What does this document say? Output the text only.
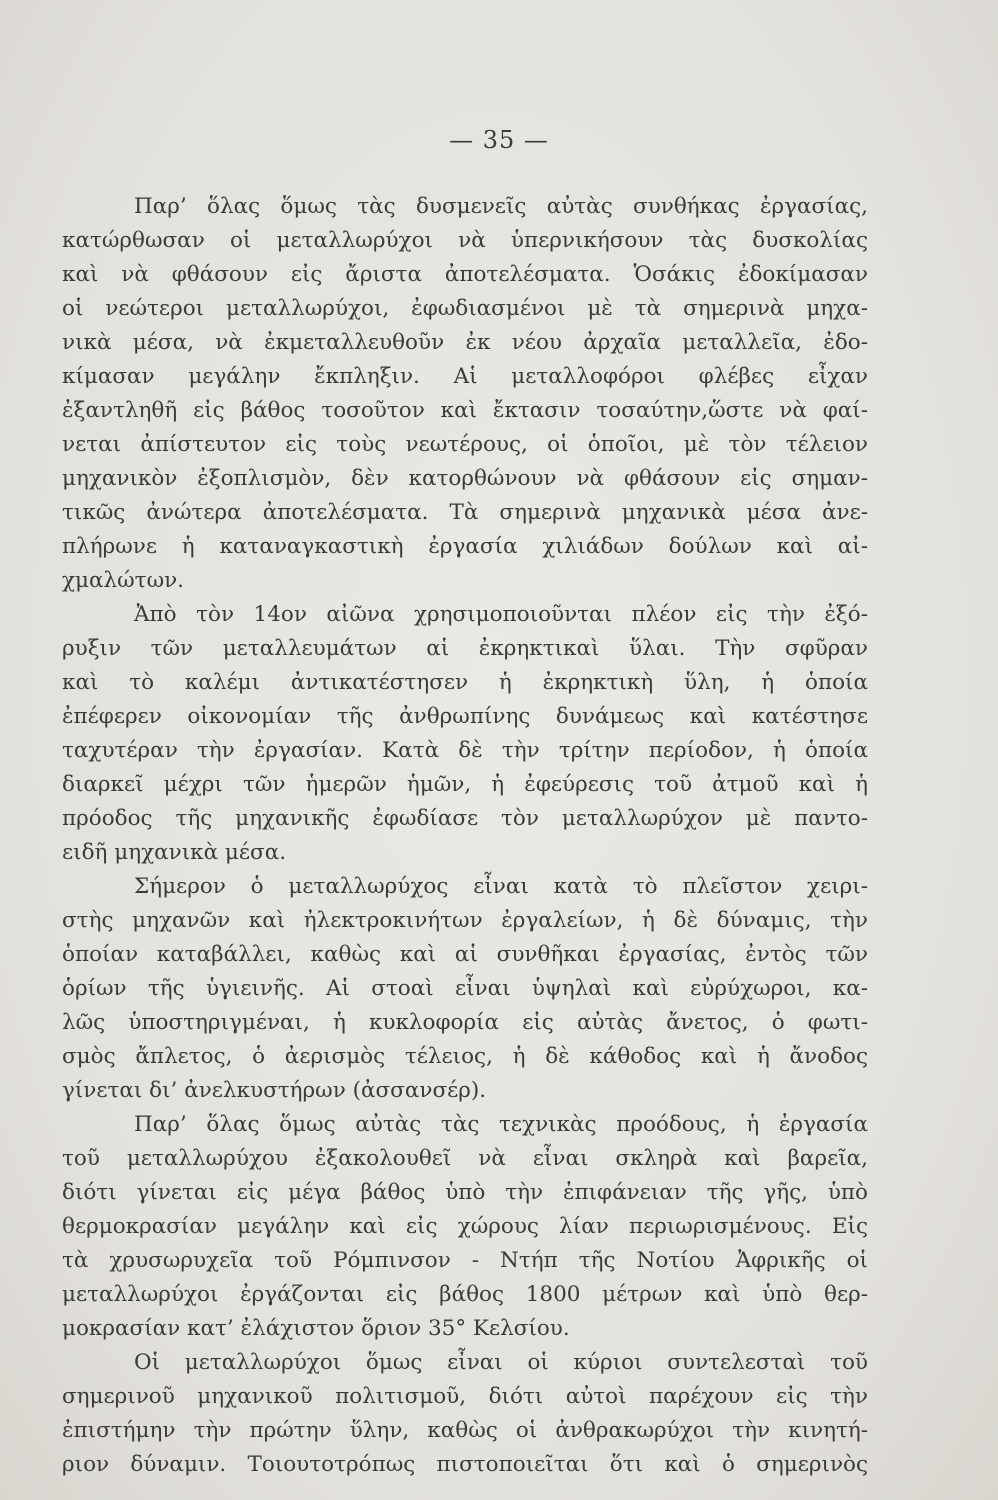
— 35 —
Παρ’ ὅλας ὅμως τὰς δυσμενεῖς αὐτὰς συνθήκας ἐργασίας,
κατώρθωσαν οἱ μεταλλωρύχοι νὰ ὑπερνικήσουν τὰς δυσκολίας
καὶ νὰ φθάσουν εἰς ἄριστα ἀποτελέσματα. Ὁσάκις ἐδοκίμασαν
οἱ νεώτεροι μεταλλωρύχοι, ἐφωδιασμένοι μὲ τὰ σημερινὰ μηχα-
νικὰ μέσα, νὰ ἐκμεταλλευθοῦν ἐκ νέου ἀρχαῖα μεταλλεῖα, ἐδο-
κίμασαν μεγάλην ἔκπληξιν. Αἱ μεταλλοφόροι φλέβες εἶχαν
ἐξαντληθῆ εἰς βάθος τοσοῦτον καὶ ἔκτασιν τοσαύτην,ὥστε νὰ φαί-
νεται ἀπίστευτον εἰς τοὺς νεωτέρους, οἱ ὁποῖοι, μὲ τὸν τέλειον
μηχανικὸν ἐξοπλισμὸν, δὲν κατορθώνουν νὰ φθάσουν εἰς σημαν-
τικῶς ἀνώτερα ἀποτελέσματα. Τὰ σημερινὰ μηχανικὰ μέσα ἀνε-
πλήρωνε ἡ καταναγκαστικὴ ἐργασία χιλιάδων δούλων καὶ αἰ-
χμαλώτων.
Ἀπὸ τὸν 14ον αἰῶνα χρησιμοποιοῦνται πλέον εἰς τὴν ἐξό-
ρυξιν τῶν μεταλλευμάτων αἱ ἐκρηκτικαὶ ὕλαι. Τὴν σφῦραν
καὶ τὸ καλέμι ἀντικατέστησεν ἡ ἐκρηκτικὴ ὕλη, ἡ ὁποία
ἐπέφερεν οἰκονομίαν τῆς ἀνθρωπίνης δυνάμεως καὶ κατέστησε
ταχυτέραν τὴν ἐργασίαν. Κατὰ δὲ τὴν τρίτην περίοδον, ἡ ὁποία
διαρκεῖ μέχρι τῶν ἡμερῶν ἡμῶν, ἡ ἐφεύρεσις τοῦ ἀτμοῦ καὶ ἡ
πρόοδος τῆς μηχανικῆς ἐφωδίασε τὸν μεταλλωρύχον μὲ παντο-
ειδῆ μηχανικὰ μέσα.
Σήμερον ὁ μεταλλωρύχος εἶναι κατὰ τὸ πλεῖστον χειρι-
στὴς μηχανῶν καὶ ἠλεκτροκινήτων ἐργαλείων, ἡ δὲ δύναμις, τὴν
ὁποίαν καταβάλλει, καθὼς καὶ αἱ συνθῆκαι ἐργασίας, ἐντὸς τῶν
ὁρίων τῆς ὑγιεινῆς. Αἱ στοαὶ εἶναι ὑψηλαὶ καὶ εὐρύχωροι, κα-
λῶς ὑποστηριγμέναι, ἡ κυκλοφορία εἰς αὐτὰς ἄνετος, ὁ φωτι-
σμὸς ἄπλετος, ὁ ἀερισμὸς τέλειος, ἡ δὲ κάθοδος καὶ ἡ ἄνοδος
γίνεται δι’ ἀνελκυστήρων (ἀσσανσέρ).
Παρ’ ὅλας ὅμως αὐτὰς τὰς τεχνικὰς προόδους, ἡ ἐργασία
τοῦ μεταλλωρύχου ἐξακολουθεῖ νὰ εἶναι σκληρὰ καὶ βαρεῖα,
διότι γίνεται εἰς μέγα βάθος ὑπὸ τὴν ἐπιφάνειαν τῆς γῆς, ὑπὸ
θερμοκρασίαν μεγάλην καὶ εἰς χώρους λίαν περιωρισμένους. Εἰς
τὰ χρυσωρυχεῖα τοῦ Ρόμπινσον - Ντήπ τῆς Νοτίου Ἀφρικῆς οἱ
μεταλλωρύχοι ἐργάζονται εἰς βάθος 1800 μέτρων καὶ ὑπὸ θερ-
μοκρασίαν κατ’ ἐλάχιστον ὅριον 35° Κελσίου.
Οἱ μεταλλωρύχοι ὅμως εἶναι οἱ κύριοι συντελεσταὶ τοῦ
σημερινοῦ μηχανικοῦ πολιτισμοῦ, διότι αὐτοὶ παρέχουν εἰς τὴν
ἐπιστήμην τὴν πρώτην ὕλην, καθὼς οἱ ἀνθρακωρύχοι τὴν κινητή-
ριον δύναμιν. Τοιουτοτρόπως πιστοποιεῖται ὅτι καὶ ὁ σημερινὸς
